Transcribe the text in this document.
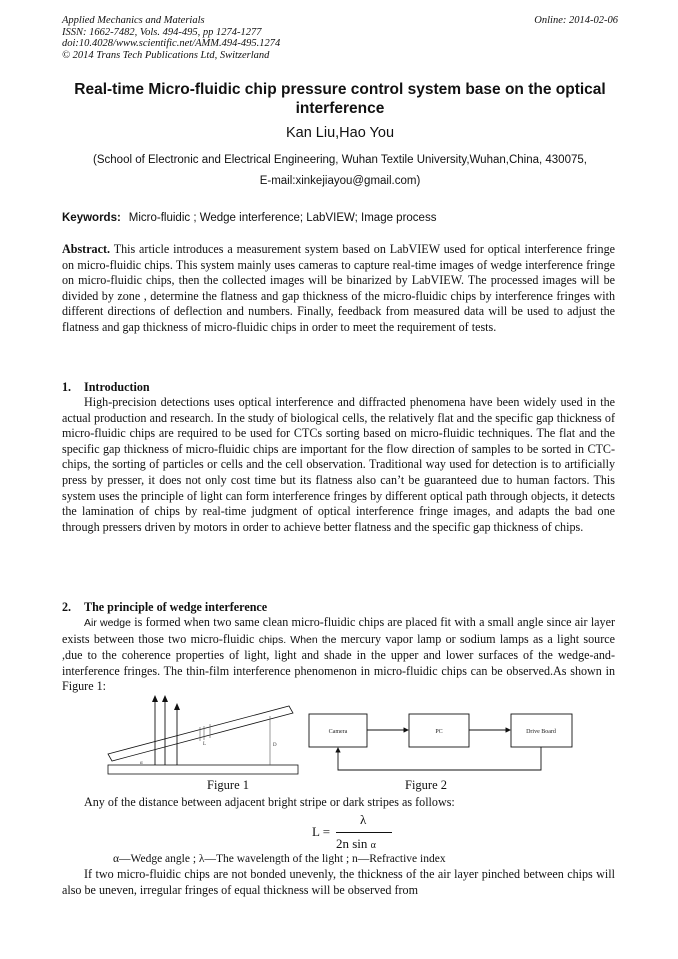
Applied Mechanics and Materials
ISSN: 1662-7482, Vols. 494-495, pp 1274-1277
doi:10.4028/www.scientific.net/AMM.494-495.1274
© 2014 Trans Tech Publications Ltd, Switzerland
Online: 2014-02-06
Real-time Micro-fluidic chip pressure control system base on the optical interference
Kan Liu,Hao You
(School of Electronic and Electrical Engineering, Wuhan Textile University,Wuhan,China, 430075,
E-mail:xinkejiayou@gmail.com)
Keywords: Micro-fluidic ; Wedge interference; LabVIEW; Image process
Abstract. This article introduces a measurement system based on LabVIEW used for optical interference fringe on micro-fluidic chips. This system mainly uses cameras to capture real-time images of wedge interference fringe on micro-fluidic chips, then the collected images will be binarized by LabVIEW. The processed images will be divided by zone , determine the flatness and gap thickness of the micro-fluidic chips by interference fringes with different directions of deflection and numbers. Finally, feedback from measured data will be used to adjust the flatness and gap thickness of micro-fluidic chips in order to meet the requirement of tests.
1. Introduction
High-precision detections uses optical interference and diffracted phenomena have been widely used in the actual production and research. In the study of biological cells, the relatively flat and the specific gap thickness of micro-fluidic chips are required to be used for CTCs sorting based on micro-fluidic techniques. The flat and the specific gap thickness of micro-fluidic chips are important for the flow direction of samples to be sorted in CTC-chips, the sorting of particles or cells and the cell observation. Traditional way used for detection is to artificially press by presser, it does not only cost time but its flatness also can’t be guaranteed due to human factors. This system uses the principle of light can form interference fringes by different optical path through objects, it detects the lamination of chips by real-time judgment of optical interference fringe images, and adapts the bad one through pressers driven by motors in order to achieve better flatness and the specific gap thickness of chips.
2. The principle of wedge interference
Air wedge is formed when two same clean micro-fluidic chips are placed fit with a small angle since air layer exists between those two micro-fluidic chips. When the mercury vapor lamp or sodium lamps as a light source ,due to the coherence properties of light, light and shade in the upper and lower surfaces of the wedge-and-interference fringes. The thin-film interference phenomenon in micro-fluidic chips can be observed.As shown in Figure 1:
α
L	D
Figure 1
Camera	PC	Drive Board
Figure 2
Any of the distance between adjacent bright stripe or dark stripes as follows:
L =
λ
2n sin α
α—Wedge angle ; λ—The wavelength of the light ; n—Refractive index
If two micro-fluidic chips are not bonded unevenly, the thickness of the air layer pinched between chips will also be uneven, irregular fringes of equal thickness will be observed from
